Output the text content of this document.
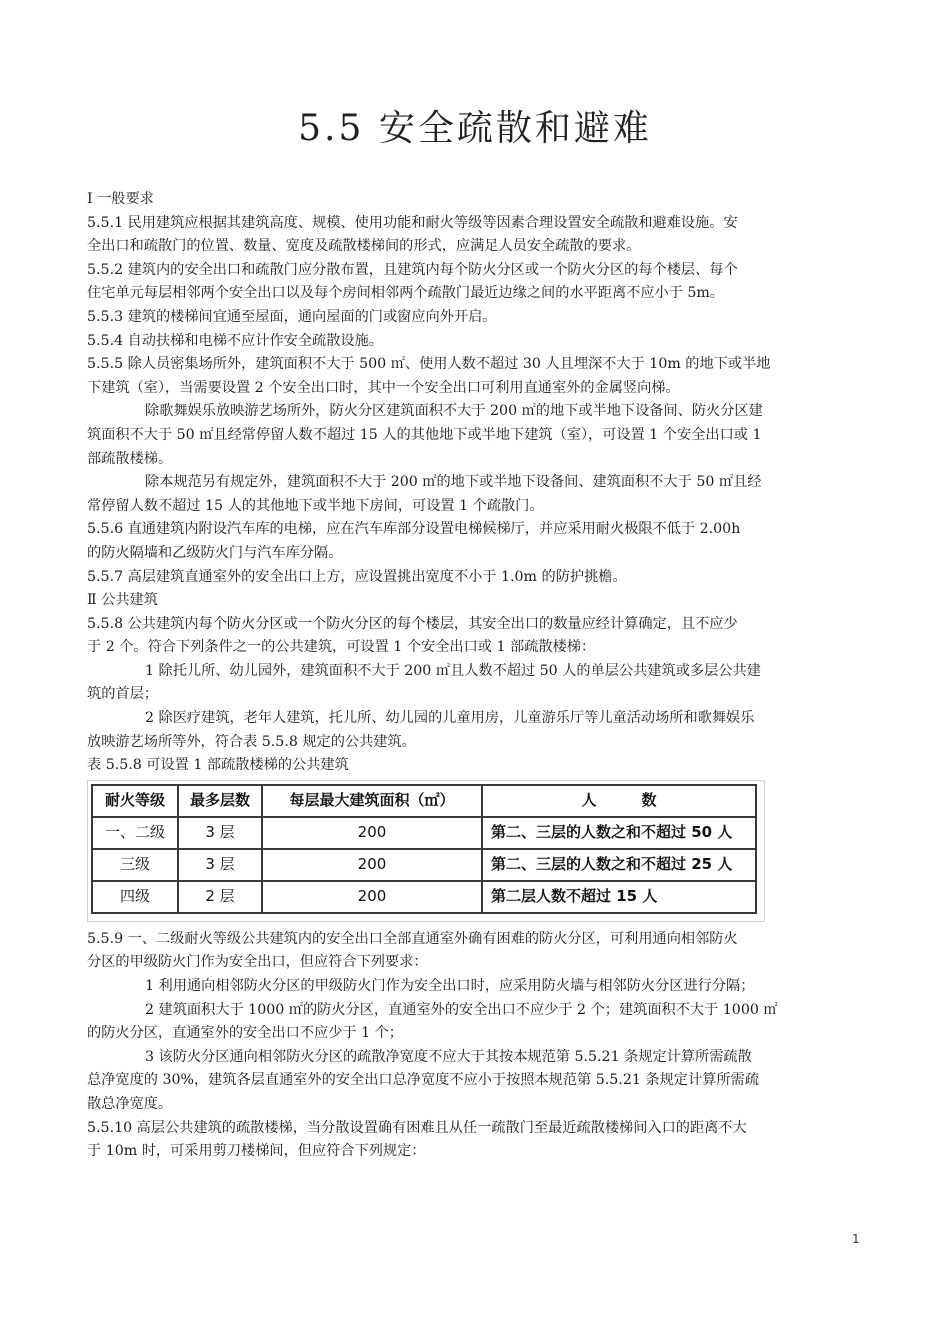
5.5 安全疏散和避难
Ⅰ 一般要求
5.5.1 民用建筑应根据其建筑高度、规模、使用功能和耐火等级等因素合理设置安全疏散和避难设施。安
全出口和疏散门的位置、数量、宽度及疏散楼梯间的形式，应满足人员安全疏散的要求。
5.5.2 建筑内的安全出口和疏散门应分散布置，且建筑内每个防火分区或一个防火分区的每个楼层、每个
住宅单元每层相邻两个安全出口以及每个房间相邻两个疏散门最近边缘之间的水平距离不应小于 5m。
5.5.3 建筑的楼梯间宜通至屋面，通向屋面的门或窗应向外开启。
5.5.4 自动扶梯和电梯不应计作安全疏散设施。
5.5.5 除人员密集场所外，建筑面积不大于 500 ㎡、使用人数不超过 30 人且埋深不大于 10m 的地下或半地
下建筑（室），当需要设置 2 个安全出口时，其中一个安全出口可利用直通室外的金属竖向梯。
除歌舞娱乐放映游艺场所外，防火分区建筑面积不大于 200 ㎡的地下或半地下设备间、防火分区建
筑面积不大于 50 ㎡且经常停留人数不超过 15 人的其他地下或半地下建筑（室），可设置 1 个安全出口或 1
部疏散楼梯。
除本规范另有规定外，建筑面积不大于 200 ㎡的地下或半地下设备间、建筑面积不大于 50 ㎡且经
常停留人数不超过 15 人的其他地下或半地下房间，可设置 1 个疏散门。
5.5.6 直通建筑内附设汽车库的电梯，应在汽车库部分设置电梯候梯厅，并应采用耐火极限不低于 2.00h
的防火隔墙和乙级防火门与汽车库分隔。
5.5.7 高层建筑直通室外的安全出口上方，应设置挑出宽度不小于 1.0m 的防护挑檐。
Ⅱ 公共建筑
5.5.8 公共建筑内每个防火分区或一个防火分区的每个楼层，其安全出口的数量应经计算确定，且不应少
于 2 个。符合下列条件之一的公共建筑，可设置 1 个安全出口或 1 部疏散楼梯：
1 除托儿所、幼儿园外，建筑面积不大于 200 ㎡且人数不超过 50 人的单层公共建筑或多层公共建
筑的首层；
2 除医疗建筑，老年人建筑，托儿所、幼儿园的儿童用房，儿童游乐厅等儿童活动场所和歌舞娱乐
放映游艺场所等外，符合表 5.5.8 规定的公共建筑。
表 5.5.8 可设置 1 部疏散楼梯的公共建筑
耐火等级	最多层数	每层最大建筑面积（㎡）	人　　　数
一、二级	3 层	200	第二、三层的人数之和不超过 50 人
三级	3 层	200	第二、三层的人数之和不超过 25 人
四级	2 层	200	第二层人数不超过 15 人
5.5.9 一、二级耐火等级公共建筑内的安全出口全部直通室外确有困难的防火分区，可利用通向相邻防火
分区的甲级防火门作为安全出口，但应符合下列要求：
1 利用通向相邻防火分区的甲级防火门作为安全出口时，应采用防火墙与相邻防火分区进行分隔；
2 建筑面积大于 1000 ㎡的防火分区，直通室外的安全出口不应少于 2 个；建筑面积不大于 1000 ㎡
的防火分区，直通室外的安全出口不应少于 1 个；
3 该防火分区通向相邻防火分区的疏散净宽度不应大于其按本规范第 5.5.21 条规定计算所需疏散
总净宽度的 30%，建筑各层直通室外的安全出口总净宽度不应小于按照本规范第 5.5.21 条规定计算所需疏
散总净宽度。
5.5.10 高层公共建筑的疏散楼梯，当分散设置确有困难且从任一疏散门至最近疏散楼梯间入口的距离不大
于 10m 时，可采用剪刀楼梯间，但应符合下列规定：
1
